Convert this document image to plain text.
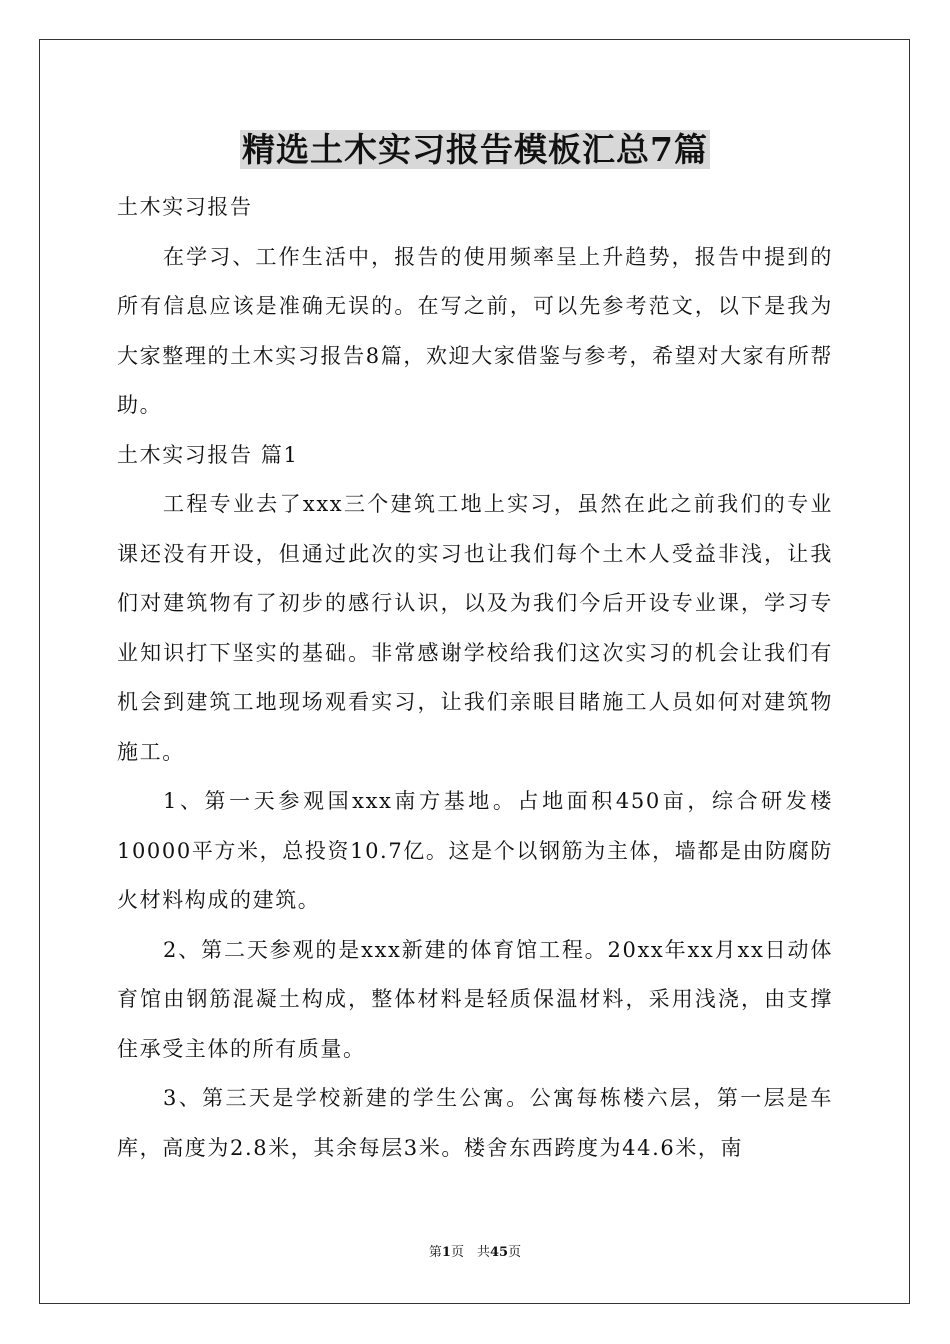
精选土木实习报告模板汇总7篇

土木实习报告

在学习、工作生活中，报告的使用频率呈上升趋势，报告中提到的所有信息应该是准确无误的。在写之前，可以先参考范文，以下是我为大家整理的土木实习报告8篇，欢迎大家借鉴与参考，希望对大家有所帮助。

土木实习报告 篇1

工程专业去了xxx三个建筑工地上实习，虽然在此之前我们的专业课还没有开设，但通过此次的实习也让我们每个土木人受益非浅，让我们对建筑物有了初步的感行认识，以及为我们今后开设专业课，学习专业知识打下坚实的基础。非常感谢学校给我们这次实习的机会让我们有机会到建筑工地现场观看实习，让我们亲眼目睹施工人员如何对建筑物施工。

1、第一天参观国xxx南方基地。占地面积450亩，综合研发楼10000平方米，总投资10.7亿。这是个以钢筋为主体，墙都是由防腐防火材料构成的建筑。

2、第二天参观的是xxx新建的体育馆工程。20xx年xx月xx日动体育馆由钢筋混凝土构成，整体材料是轻质保温材料，采用浅浇，由支撑住承受主体的所有质量。

3、第三天是学校新建的学生公寓。公寓每栋楼六层，第一层是车库，高度为2.8米，其余每层3米。楼舍东西跨度为44.6米，南

第1页　共45页
